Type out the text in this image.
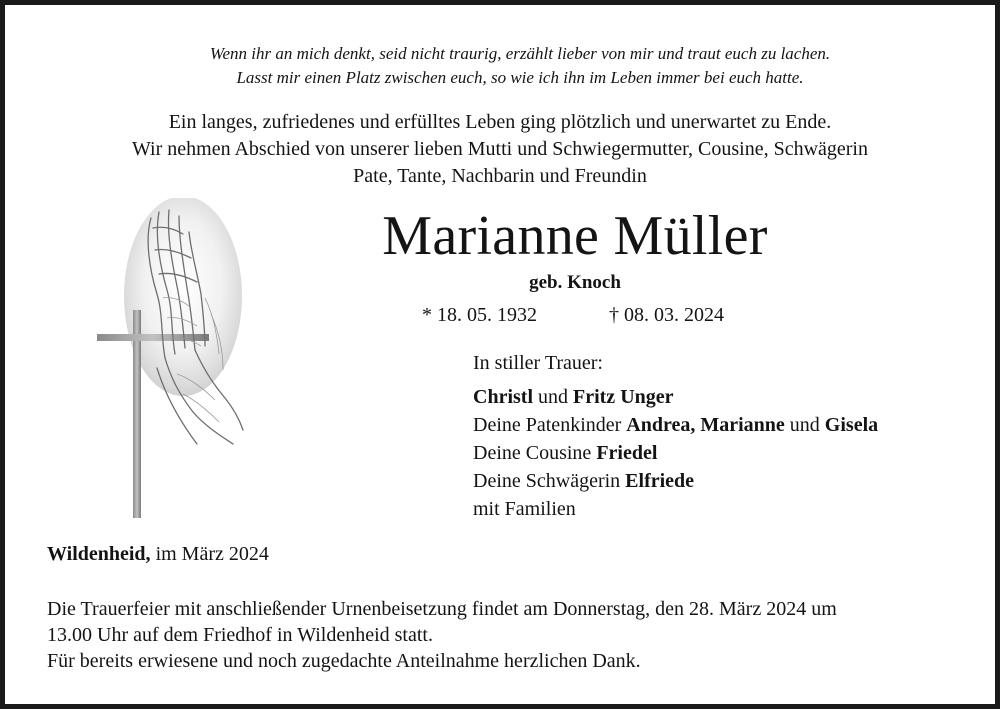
Wenn ihr an mich denkt, seid nicht traurig, erzählt lieber von mir und traut euch zu lachen.
Lasst mir einen Platz zwischen euch, so wie ich ihn im Leben immer bei euch hatte.
Ein langes, zufriedenes und erfülltes Leben ging plötzlich und unerwartet zu Ende.
Wir nehmen Abschied von unserer lieben Mutti und Schwiegermutter, Cousine, Schwägerin
Pate, Tante, Nachbarin und Freundin
Marianne Müller
geb. Knoch
* 18. 05. 1932	† 08. 03. 2024
In stiller Trauer:
Christl und Fritz Unger
Deine Patenkinder Andrea, Marianne und Gisela
Deine Cousine Friedel
Deine Schwägerin Elfriede
mit Familien
Wildenheid, im März 2024
Die Trauerfeier mit anschließender Urnenbeisetzung findet am Donnerstag, den 28. März 2024 um
13.00 Uhr auf dem Friedhof in Wildenheid statt.
Für bereits erwiesene und noch zugedachte Anteilnahme herzlichen Dank.
